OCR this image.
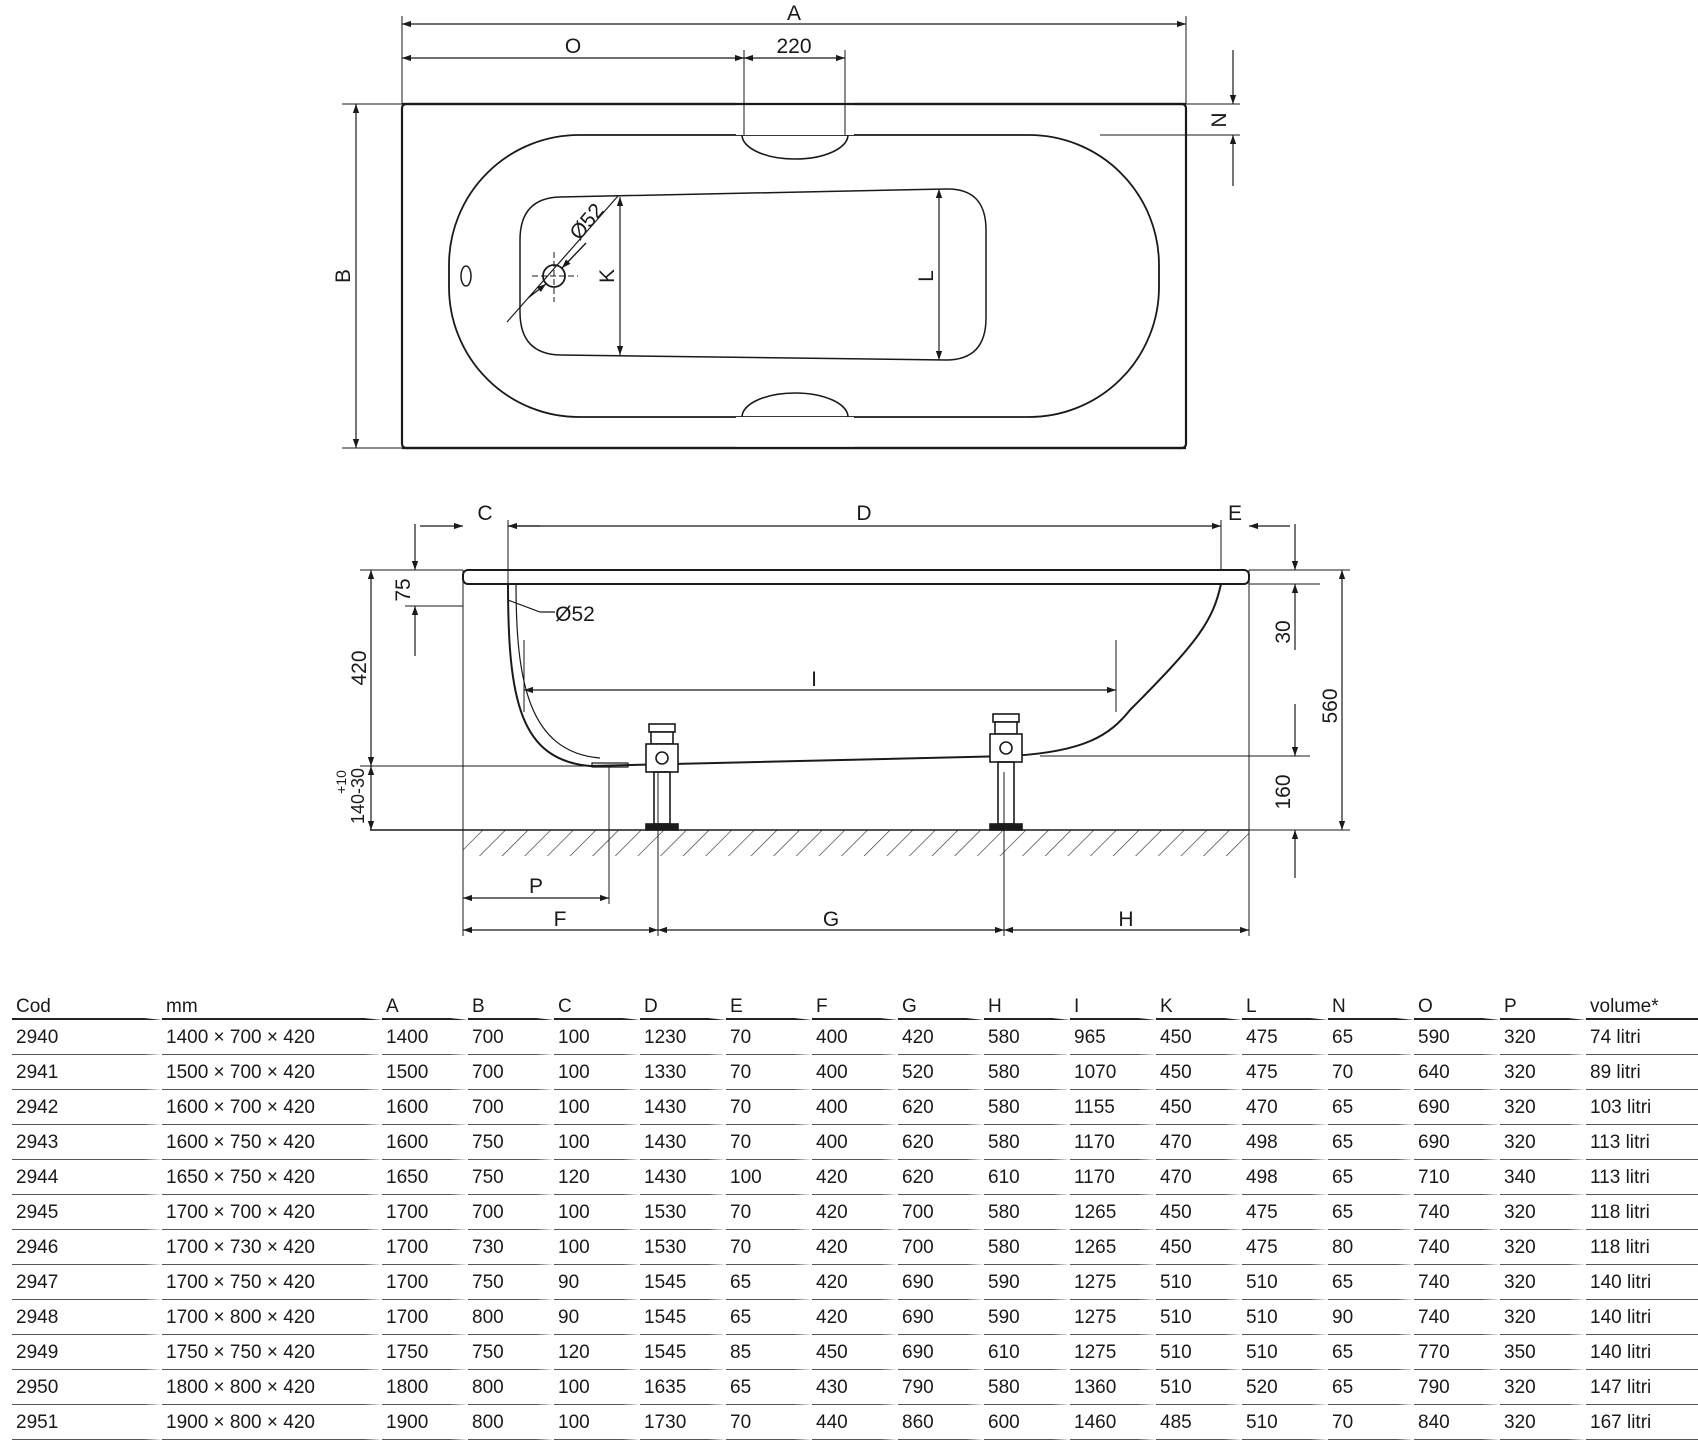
A
O	220
N
B
Ø52
K	L
C	D	E
75
420
Ø52
30
560
I
+10 140-30	160
P
F	G	H
Cod	mm	A	B	C	D	E	F	G	H	I	K	L	N	O	P	volume*
2940	1400 × 700 × 420	1400	700	100	1230	70	400	420	580	965	450	475	65	590	320	74 litri
2941	1500 × 700 × 420	1500	700	100	1330	70	400	520	580	1070	450	475	70	640	320	89 litri
2942	1600 × 700 × 420	1600	700	100	1430	70	400	620	580	1155	450	470	65	690	320	103 litri
2943	1600 × 750 × 420	1600	750	100	1430	70	400	620	580	1170	470	498	65	690	320	113 litri
2944	1650 × 750 × 420	1650	750	120	1430	100	420	620	610	1170	470	498	65	710	340	113 litri
2945	1700 × 700 × 420	1700	700	100	1530	70	420	700	580	1265	450	475	65	740	320	118 litri
2946	1700 × 730 × 420	1700	730	100	1530	70	420	700	580	1265	450	475	80	740	320	118 litri
2947	1700 × 750 × 420	1700	750	90	1545	65	420	690	590	1275	510	510	65	740	320	140 litri
2948	1700 × 800 × 420	1700	800	90	1545	65	420	690	590	1275	510	510	90	740	320	140 litri
2949	1750 × 750 × 420	1750	750	120	1545	85	450	690	610	1275	510	510	65	770	350	140 litri
2950	1800 × 800 × 420	1800	800	100	1635	65	430	790	580	1360	510	520	65	790	320	147 litri
2951	1900 × 800 × 420	1900	800	100	1730	70	440	860	600	1460	485	510	70	840	320	167 litri
